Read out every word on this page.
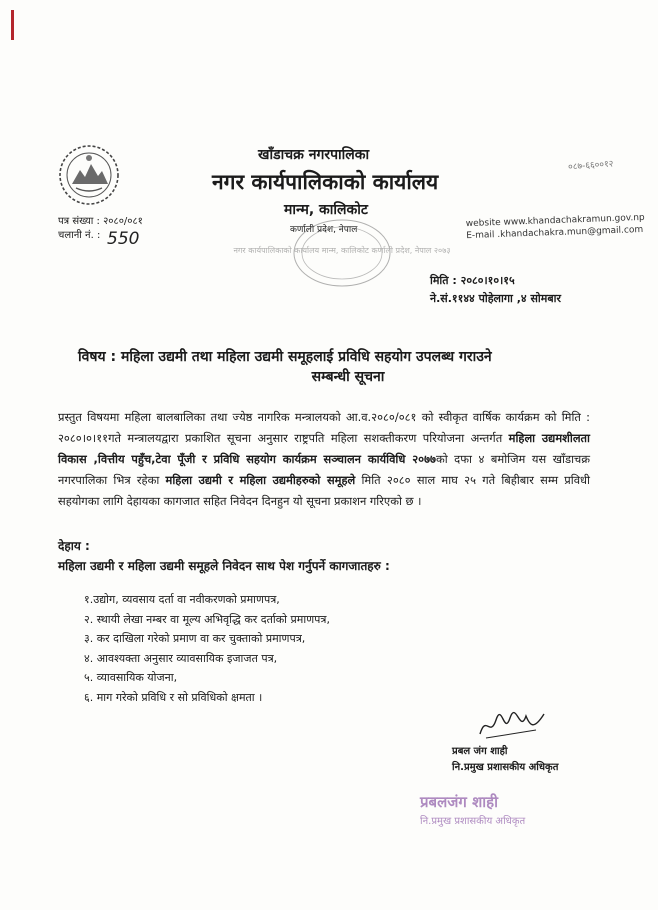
खाँडाचक्र नगरपालिका
नगर कार्यपालिकाको कार्यालय
मान्म, कालिकोट
कर्णाली प्रदेश, नेपाल
नगर कार्यपालिकाको कार्यालय मान्म, कालिकोट कर्णाली प्रदेश, नेपाल २०७३
०८७-६६००१२
website www.khandachakramun.gov.np
E-mail .khandachakra.mun@gmail.com
पत्र संख्या : २०८०/०८१
चलानी नं. : 550
मिति : २०८०।१०।१५
ने.सं.११४४ पोहेलागा ,४ सोमबार
विषय : महिला उद्यमी तथा महिला उद्यमी समूहलाई प्रविधि सहयोग उपलब्ध गराउने
सम्बन्धी सूचना
प्रस्तुत विषयमा महिला बालबालिका तथा ज्येष्ठ नागरिक मन्त्रालयको आ.व.२०८०/०८१ को स्वीकृत वार्षिक कार्यक्रम को मिति : २०८०।०।११गते मन्त्रालयद्वारा प्रकाशित सूचना अनुसार राष्ट्रपति महिला सशक्तीकरण परियोजना अन्तर्गत महिला उद्यमशीलता विकास ,वित्तीय पहुँच,टेवा पूँजी र प्रविधि सहयोग कार्यक्रम सञ्चालन कार्यविधि २०७७को दफा ४ बमोजिम यस खाँडाचक्र नगरपालिका भित्र रहेका महिला उद्यमी र महिला उद्यमीहरुको समूहले मिति २०८० साल माघ २५ गते बिहीबार सम्म प्रविधी सहयोगका लागि देहायका कागजात सहित निवेदन दिनहुन यो सूचना प्रकाशन गरिएको छ ।
देहाय :
महिला उद्यमी र महिला उद्यमी समूहले निवेदन साथ पेश गर्नुपर्ने कागजातहरु :
१.उद्योग, व्यवसाय दर्ता वा नवीकरणको प्रमाणपत्र,
२. स्थायी लेखा नम्बर वा मूल्य अभिवृद्धि कर दर्ताको प्रमाणपत्र,
३. कर दाखिला गरेको प्रमाण वा कर चुक्ताको प्रमाणपत्र,
४. आवश्यक्ता अनुसार व्यावसायिक इजाजत पत्र,
५. व्यावसायिक योजना,
६. माग गरेको प्रविधि र सो प्रविधिको क्षमता ।
प्रबल जंग शाही
नि.प्रमुख प्रशासकीय अधिकृत
प्रबलजंग शाही
नि.प्रमुख प्रशासकीय अधिकृत
